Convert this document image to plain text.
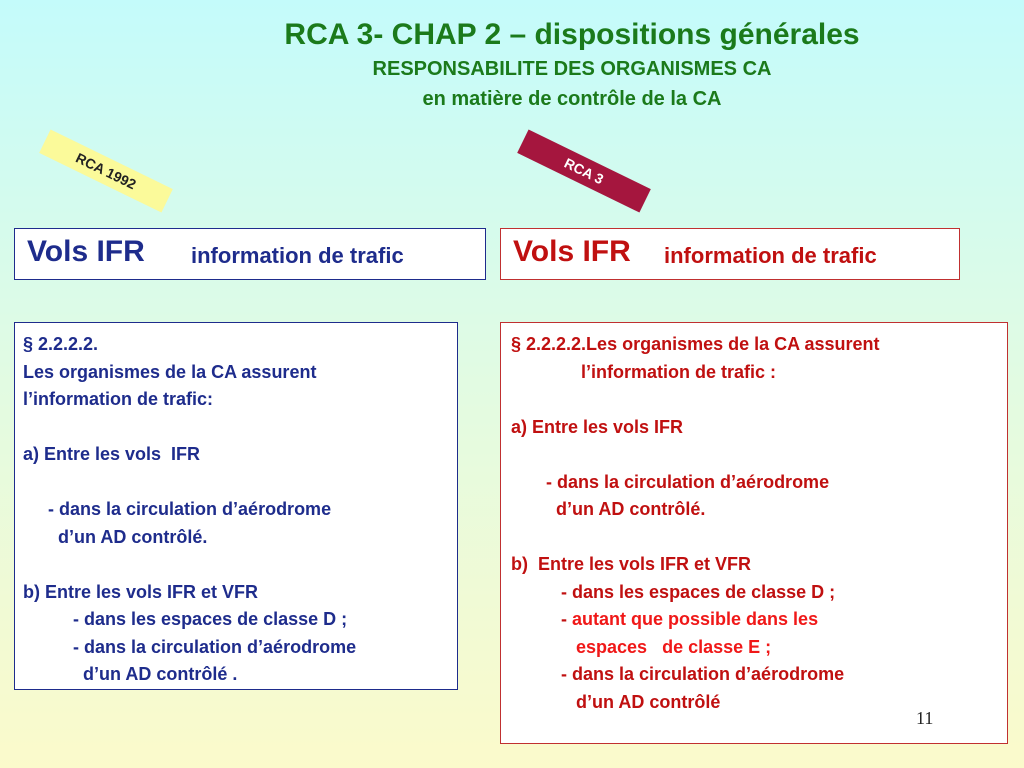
RCA 3- CHAP 2 – dispositions générales
RESPONSABILITE DES ORGANISMES CA
en matière de contrôle de la CA
RCA 1992	RCA 3
Vols IFR information de trafic	Vols IFR information de trafic
§ 2.2.2.2.
Les organismes de la CA assurent
l’information de trafic:
a) Entre les vols  IFR
- dans la circulation d’aérodrome
d’un AD contrôlé.
b) Entre les vols IFR et VFR
- dans les espaces de classe D ;
- dans la circulation d’aérodrome
d’un AD contrôlé .
§ 2.2.2.2.Les organismes de la CA assurent
l’information de trafic :
a) Entre les vols IFR
- dans la circulation d’aérodrome
d’un AD contrôlé.
b)  Entre les vols IFR et VFR
- dans les espaces de classe D ;
- autant que possible dans les
espaces   de classe E ;
- dans la circulation d’aérodrome
d’un AD contrôlé
11
